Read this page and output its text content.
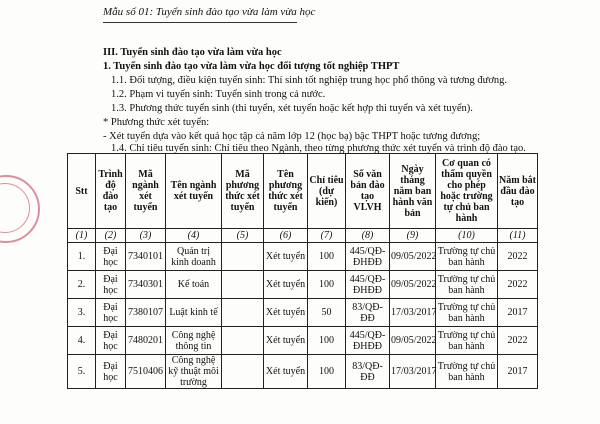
Mẫu số 01: Tuyển sinh đào tạo vừa làm vừa học
III. Tuyển sinh đào tạo vừa làm vừa học
1. Tuyển sinh đào tạo vừa làm vừa học đối tượng tốt nghiệp THPT
1.1. Đối tượng, điều kiện tuyển sinh: Thí sinh tốt nghiệp trung học phổ thông và tương đương.
1.2. Phạm vi tuyển sinh: Tuyển sinh trong cả nước.
1.3. Phương thức tuyển sinh (thi tuyển, xét tuyển hoặc kết hợp thi tuyển và xét tuyển).
* Phương thức xét tuyển:
- Xét tuyển dựa vào kết quả học tập cả năm lớp 12 (học bạ) bậc THPT hoặc tương đương;
1.4. Chỉ tiêu tuyển sinh: Chỉ tiêu theo Ngành, theo từng phương thức xét tuyển và trình độ đào tạo.
Stt	Trình độ đào tạo	Mã ngành xét tuyển	Tên ngành xét tuyển	Mã phương thức xét tuyển	Tên phương thức xét tuyển	Chỉ tiêu (dự kiến)	Số văn bản đào tạo VLVH	Ngày tháng năm ban hành văn bản	Cơ quan có thẩm quyền cho phép hoặc trường tự chủ ban hành	Năm bắt đầu đào tạo
(1)	(2)	(3)	(4)	(5)	(6)	(7)	(8)	(9)	(10)	(11)
1.	Đại học	7340101	Quản trị kinh doanh		Xét tuyển	100	445/QĐ-ĐHĐĐ	09/05/2022	Trường tự chủ ban hành	2022
2.	Đại học	7340301	Kế toán		Xét tuyển	100	445/QĐ-ĐHĐĐ	09/05/2022	Trường tự chủ ban hành	2022
3.	Đại học	7380107	Luật kinh tế		Xét tuyển	50	83/QĐ-ĐĐ	17/03/2017	Trường tự chủ ban hành	2017
4.	Đại học	7480201	Công nghệ thông tin		Xét tuyển	100	445/QĐ-ĐHĐĐ	09/05/2022	Trường tự chủ ban hành	2022
5.	Đại học	7510406	Công nghệ kỹ thuật môi trường		Xét tuyển	100	83/QĐ-ĐĐ	17/03/2017	Trường tự chủ ban hành	2017
